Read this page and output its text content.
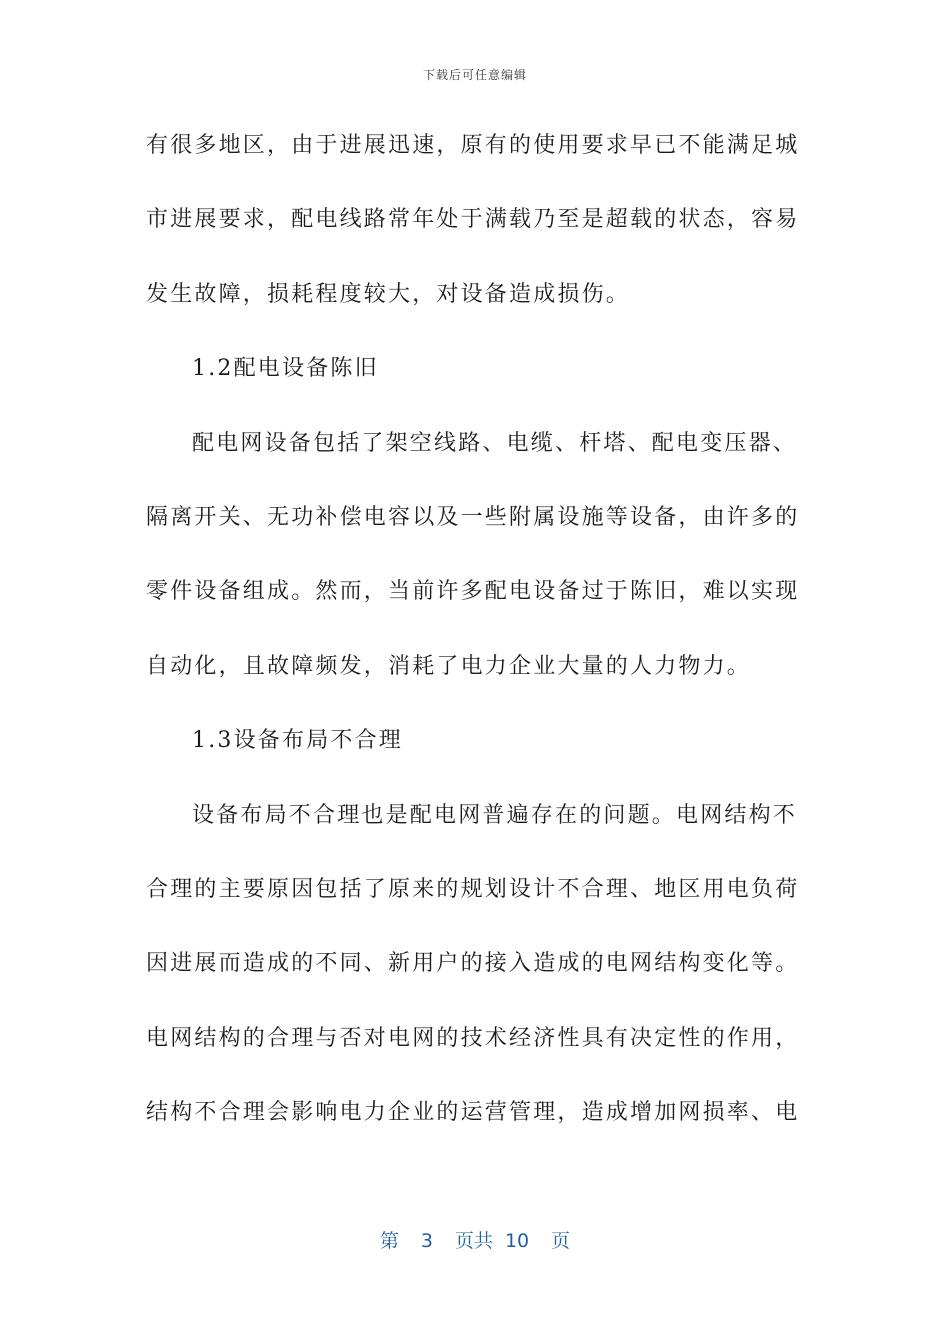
下载后可任意编辑
有很多地区，由于进展迅速，原有的使用要求早已不能满足城
市进展要求，配电线路常年处于满载乃至是超载的状态，容易
发生故障，损耗程度较大，对设备造成损伤。
1.2配电设备陈旧
配电网设备包括了架空线路、电缆、杆塔、配电变压器、
隔离开关、无功补偿电容以及一些附属设施等设备，由许多的
零件设备组成。然而，当前许多配电设备过于陈旧，难以实现
自动化，且故障频发，消耗了电力企业大量的人力物力。
1.3设备布局不合理
设备布局不合理也是配电网普遍存在的问题。电网结构不
合理的主要原因包括了原来的规划设计不合理、地区用电负荷
因进展而造成的不同、新用户的接入造成的电网结构变化等。
电网结构的合理与否对电网的技术经济性具有决定性的作用，
结构不合理会影响电力企业的运营管理，造成增加网损率、电
第 3 页共 10 页
